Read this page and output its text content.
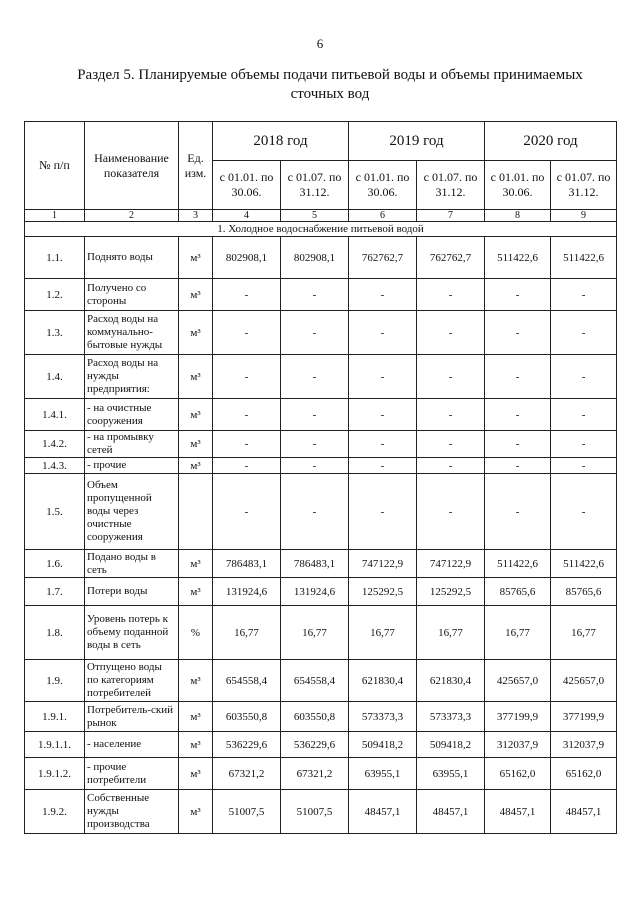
6
Раздел 5. Планируемые объемы подачи питьевой воды и объемы принимаемых сточных вод
№ п/п	Наименование показателя	Ед. изм.	2018 год		2019 год		2020 год	
			с 01.01. по 30.06.	с 01.07. по 31.12.	с 01.01. по 30.06.	с 01.07. по 31.12.	с 01.01. по 30.06.	с 01.07. по 31.12.
1	2	3	4	5	6	7	8	9
1. Холодное водоснабжение питьевой водой								
1.1.	Поднято воды	м³	802908,1	802908,1	762762,7	762762,7	511422,6	511422,6
1.2.	Получено со стороны	м³	-	-	-	-	-	-
1.3.	Расход воды на коммунально-бытовые нужды	м³	-	-	-	-	-	-
1.4.	Расход воды на нужды предприятия:	м³	-	-	-	-	-	-
1.4.1.	- на очистные сооружения	м³	-	-	-	-	-	-
1.4.2.	- на промывку сетей	м³	-	-	-	-	-	-
1.4.3.	- прочие	м³	-	-	-	-	-	-
1.5.	Объем пропущенной воды через очистные сооружения		-	-	-	-	-	-
1.6.	Подано воды в сеть	м³	786483,1	786483,1	747122,9	747122,9	511422,6	511422,6
1.7.	Потери воды	м³	131924,6	131924,6	125292,5	125292,5	85765,6	85765,6
1.8.	Уровень потерь к объему поданной воды в сеть	%	16,77	16,77	16,77	16,77	16,77	16,77
1.9.	Отпущено воды по категориям потребителей	м³	654558,4	654558,4	621830,4	621830,4	425657,0	425657,0
1.9.1.	Потребитель-ский рынок	м³	603550,8	603550,8	573373,3	573373,3	377199,9	377199,9
1.9.1.1.	- население	м³	536229,6	536229,6	509418,2	509418,2	312037,9	312037,9
1.9.1.2.	- прочие потребители	м³	67321,2	67321,2	63955,1	63955,1	65162,0	65162,0
1.9.2.	Собственные нужды производства	м³	51007,5	51007,5	48457,1	48457,1	48457,1	48457,1
